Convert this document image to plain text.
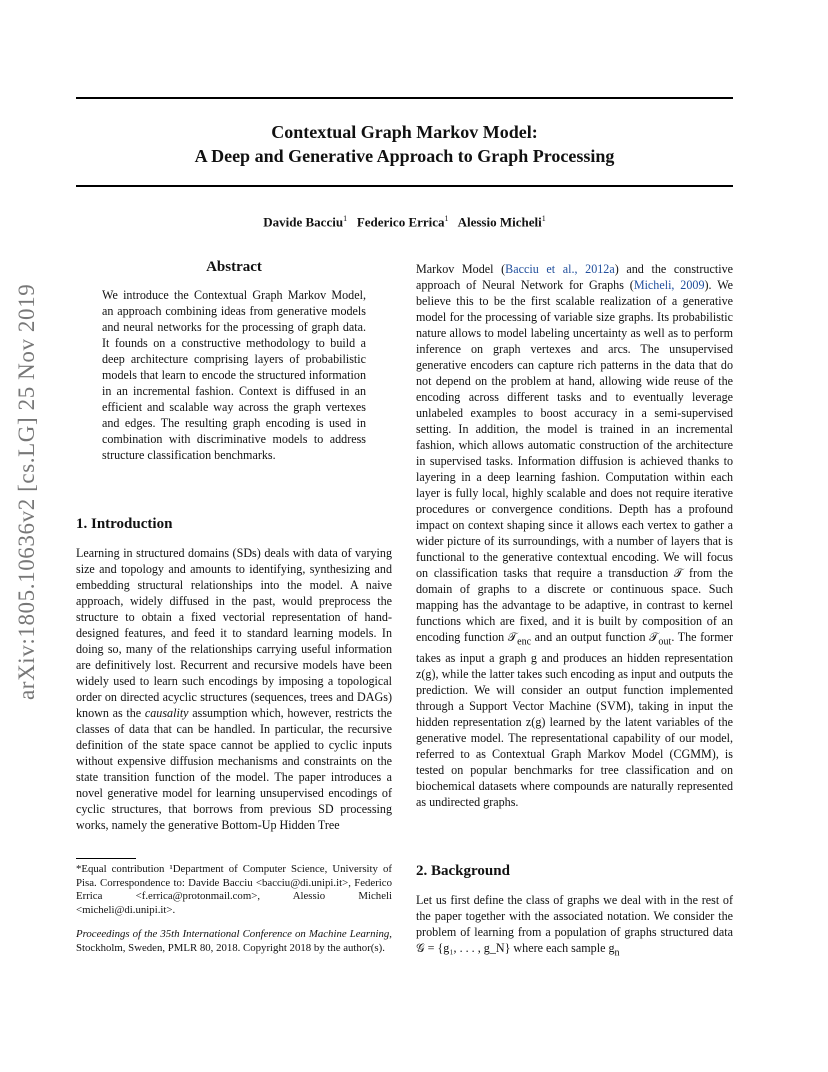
arXiv:1805.10636v2 [cs.LG] 25 Nov 2019
Contextual Graph Markov Model:
A Deep and Generative Approach to Graph Processing
Davide Bacciu$^1$ Federico Errica$^1$ Alessio Micheli$^1$
Abstract
We introduce the Contextual Graph Markov Model, an approach combining ideas from generative models and neural networks for the processing of graph data. It founds on a constructive methodology to build a deep architecture comprising layers of probabilistic models that learn to encode the structured information in an incremental fashion. Context is diffused in an efficient and scalable way across the graph vertexes and edges. The resulting graph encoding is used in combination with discriminative models to address structure classification benchmarks.
1. Introduction

Learning in structured domains (SDs) deals with data of varying size and topology and amounts to identifying, synthesizing and embedding structural relationships into the model. A naive approach, widely diffused in the past, would preprocess the structure to obtain a fixed vectorial representation of hand-designed features, and feed it to standard learning models. In doing so, many of the relationships carrying useful information are definitively lost. Recurrent and recursive models have been widely used to learn such encodings by imposing a topological order on directed acyclic structures (sequences, trees and DAGs) known as the causality assumption which, however, restricts the classes of data that can be handled. In particular, the recursive definition of the state space cannot be applied to cyclic inputs without expensive diffusion mechanisms and constraints on the state transition function of the model. The paper introduces a novel generative model for learning unsupervised encodings of cyclic structures, that borrows from previous SD processing works, namely the generative Bottom-Up Hidden Tree

*Equal contribution ¹Department of Computer Science, University of Pisa. Correspondence to: Davide Bacciu <bacciu@di.unipi.it>, Federico Errica <f.errica@protonmail.com>, Alessio Micheli <micheli@di.unipi.it>.
Proceedings of the 35th International Conference on Machine Learning, Stockholm, Sweden, PMLR 80, 2018. Copyright 2018 by the author(s).

Markov Model (Bacciu et al., 2012a) and the constructive approach of Neural Network for Graphs (Micheli, 2009). We believe this to be the first scalable realization of a generative model for the processing of variable size graphs. Its probabilistic nature allows to model labeling uncertainty as well as to perform inference on graph vertexes and arcs. The unsupervised generative encoders can capture rich patterns in the data that do not depend on the problem at hand, allowing wide reuse of the encoding across different tasks and to eventually leverage unlabeled examples to boost accuracy in a semi-supervised setting. In addition, the model is trained in an incremental fashion, which allows automatic construction of the architecture in supervised tasks. Information diffusion is achieved thanks to layering in a deep learning fashion. Computation within each layer is fully local, highly scalable and does not require iterative procedures or convergence conditions. Depth has a profound impact on context shaping since it allows each vertex to gather a wider picture of its surroundings, with a number of layers that is functional to the generative contextual encoding. We will focus on classification tasks that require a transduction 𝒯 from the domain of graphs to a discrete or continuous space. Such mapping has the advantage to be adaptive, in contrast to kernel functions which are fixed, and it is built by composition of an encoding function 𝒯$_{enc}$ and an output function 𝒯$_{out}$. The former takes as input a graph g and produces an hidden representation z(g), while the latter takes such encoding as input and outputs the prediction. We will consider an output function implemented through a Support Vector Machine (SVM), taking in input the hidden representation z(g) learned by the latent variables of the generative model. The representational capability of our model, referred to as Contextual Graph Markov Model (CGMM), is tested on popular benchmarks for tree classification and on biochemical datasets where compounds are naturally represented as undirected graphs.

2. Background

Let us first define the class of graphs we deal with in the rest of the paper together with the associated notation. We consider the problem of learning from a population of graphs structured data 𝒢 = {g₁, . . . , g_N} where each sample $g_n$
